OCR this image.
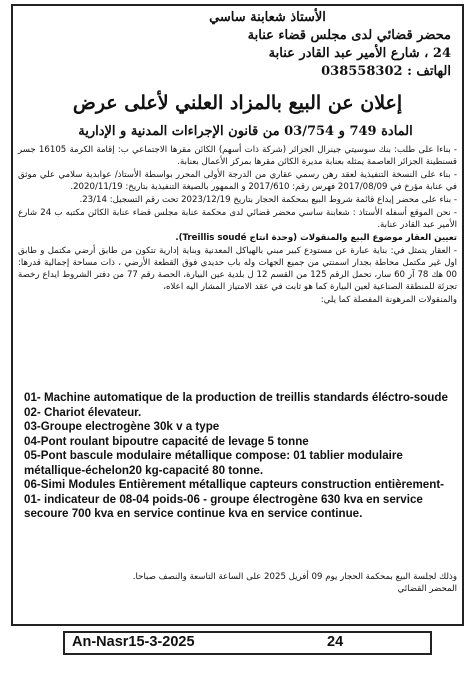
الأستاذ شعابنة ساسي
محضر قضائي لدى مجلس قضاء عنابة
24 ، شارع الأمير عبد القادر عنابة
الهاتف : 038558302
إعلان عن البيع بالمزاد العلني لأعلى عرض
المادة 749 و 03/754 من قانون الإجراءات المدنية و الإدارية

- بناءا على طلب: بنك سوسيتي جينرال الجزائر (شركة ذات أسهم) الكائن مقرها الاجتماعي ب: إقامة الكرمة 16105 جسر قسنطينة الجزائر العاصمة يمثله بعنابة مديرة الكائن مقرها بمركز الأعمال بعنابة.

- بناء على النسخة التنفيذية لعقد رهن رسمي عقاري من الدرجة الأولى المحرر بواسطة الأستاذ/ عوابدية سلامي علي موثق في عنابة مؤرخ في 2017/08/09 فهرس رقم: 2017/610 و الممهور بالصيغة التنفيذية بتاريخ: 2020/11/19.

- بناء على محضر إيداع قائمة شروط البيع بمحكمة الحجار بتاريخ 2023/12/19 تحت رقم التسجيل: 23/14.

- نحن الموقع أسفله الأستاذ : شعابنة ساسي محضر قضائي لدى محكمة عنابة مجلس قضاء عنابة الكائن مكتبه ب 24 شارع الأمير عبد القادر عنابة.

تعيين العقار موضوع البيع والمنقولات (وحدة انتاج Treillis soudé).

- العقار يتمثل في: بناية عبارة عن مستودع كبير مبني بالهياكل المعدنية وبناية إدارية تتكون من طابق أرضي مكتمل و طابق اول غير مكتمل محاطة بجدار اسمنتي من جميع الجهات وله باب حديدي فوق القطعة الأرضي ، ذات مساحة إجمالية قدرها: 00 هك 78 آر 60 سار، تحمل الرقم 125 من القسم 12 ل بلدية عين البيارة، الحصة رقم 77 من دفتر الشروط ايداع رخصة تجزئة للمنطقة الصناعية لعين البيارة كما هو ثابت في عقد الامتياز المشار اليه اعلاه،

والمنقولات المرهونة المفصلة كما يلي:

01- Machine automatique de la production de treillis standards éléctro-soude
02- Chariot élevateur.
03-Groupe electrogène 30k v a type
04-Pont roulant bipoutre capacité de levage 5 tonne
05-Pont bascule modulaire métallique compose: 01 tablier modulaire métallique-échelon20 kg-capacité 80 tonne.
06-Simi Modules Entièrement métallique capteurs construction entièrement-01- indicateur de 08-04 poids-06 - groupe électrogène 630 kva en service secoure 700 kva en service continue kva en service continue.
وذلك لجلسة البيع بمحكمة الحجار يوم 09 أفريل 2025 على الساعة التاسعة والنصف صباحا.
المحضر القضائي
An-Nasr15-3-2025	24
